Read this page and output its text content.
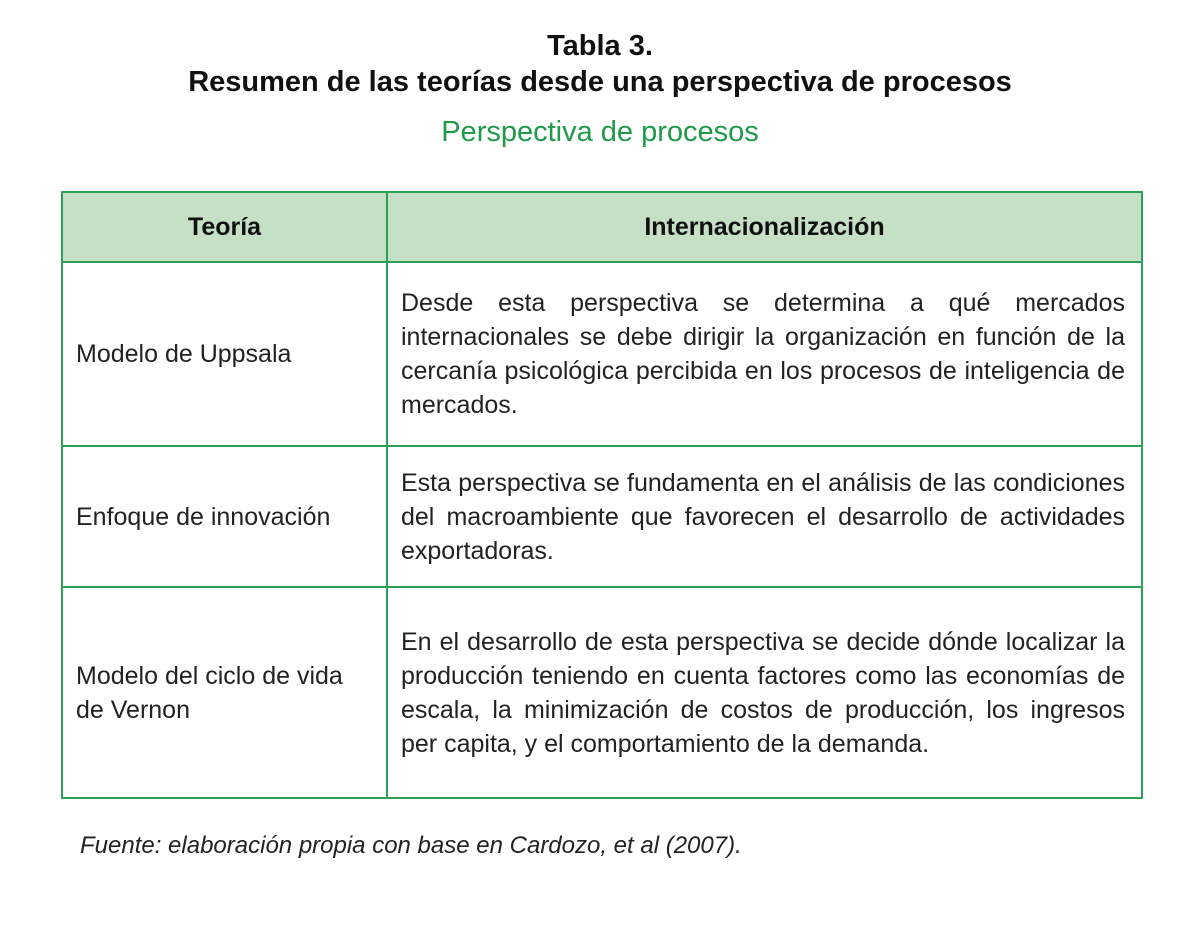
Tabla 3.
Resumen de las teorías desde una perspectiva de procesos
Perspectiva de procesos
Teoría	Internacionalización
Modelo de Uppsala	Desde esta perspectiva se determina a qué mercados internacionales se debe dirigir la organización en función de la cercanía psicológica percibida en los procesos de inteligencia de mercados.
Enfoque de innovación	Esta perspectiva se fundamenta en el análisis de las condiciones del macroambiente que favorecen el desarrollo de actividades exportadoras.
Modelo del ciclo de vida de Vernon	En el desarrollo de esta perspectiva se decide dónde localizar la producción teniendo en cuenta factores como las economías de escala, la minimización de costos de producción, los ingresos per capita, y el comportamiento de la demanda.
Fuente: elaboración propia con base en Cardozo, et al (2007).
